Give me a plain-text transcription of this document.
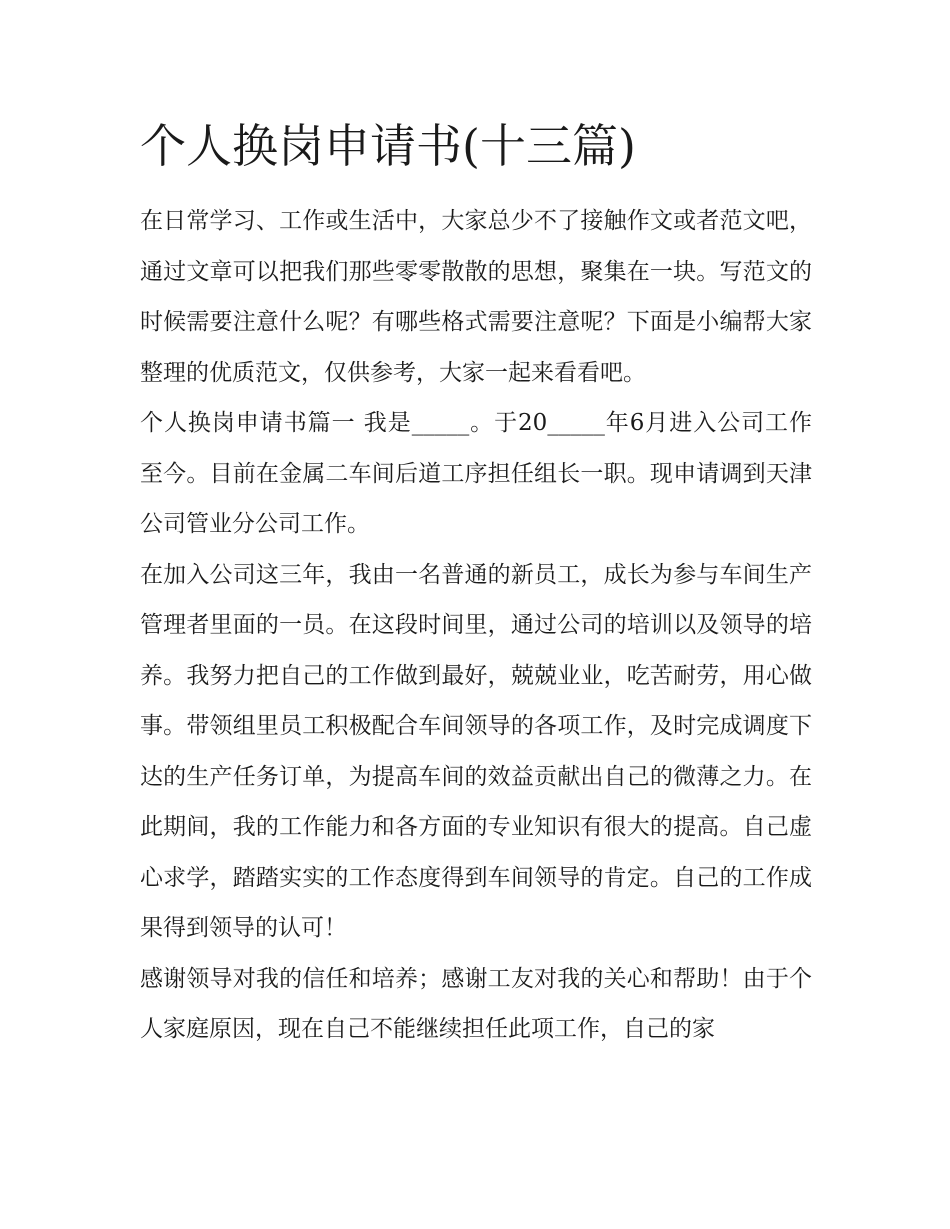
个人换岗申请书(十三篇)

在日常学习、工作或生活中，大家总少不了接触作文或者范文吧，通过文章可以把我们那些零零散散的思想，聚集在一块。写范文的时候需要注意什么呢？有哪些格式需要注意呢？下面是小编帮大家整理的优质范文，仅供参考，大家一起来看看吧。

个人换岗申请书篇一 我是_____。于20_____年6月进入公司工作至今。目前在金属二车间后道工序担任组长一职。现申请调到天津公司管业分公司工作。

在加入公司这三年，我由一名普通的新员工，成长为参与车间生产管理者里面的一员。在这段时间里，通过公司的培训以及领导的培养。我努力把自己的工作做到最好，兢兢业业，吃苦耐劳，用心做事。带领组里员工积极配合车间领导的各项工作，及时完成调度下达的生产任务订单，为提高车间的效益贡献出自己的微薄之力。在此期间，我的工作能力和各方面的专业知识有很大的提高。自己虚心求学，踏踏实实的工作态度得到车间领导的肯定。自己的工作成果得到领导的认可！

感谢领导对我的信任和培养；感谢工友对我的关心和帮助！由于个人家庭原因，现在自己不能继续担任此项工作，自己的家
